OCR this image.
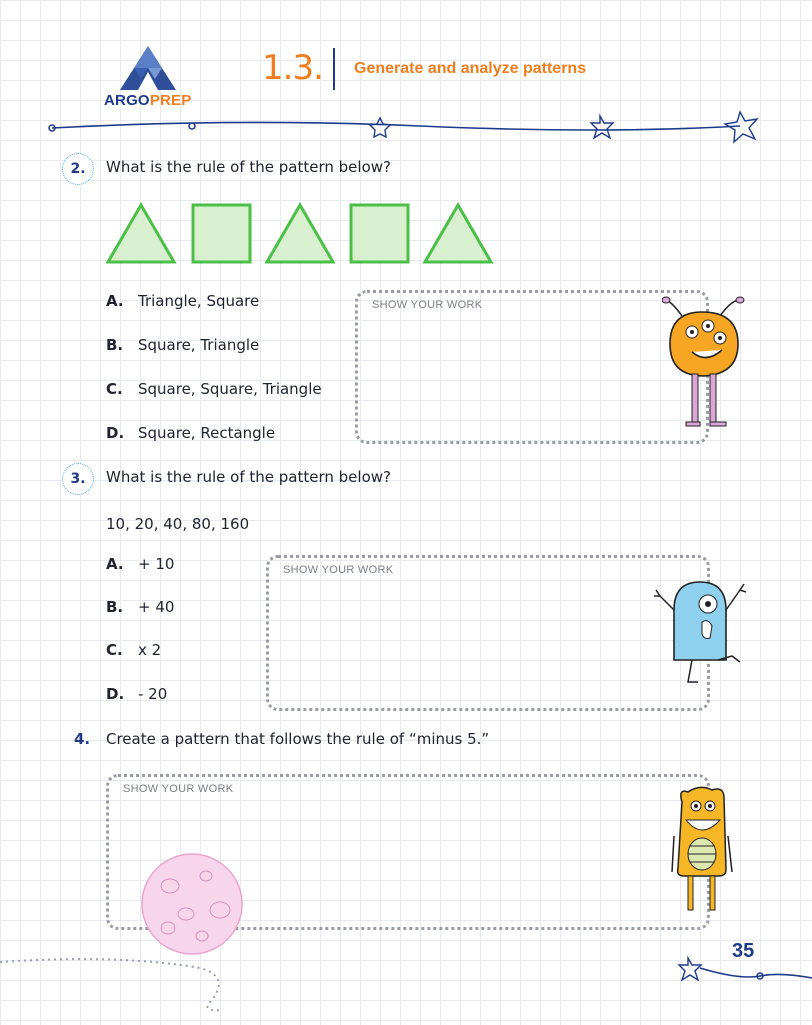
ARGOPREP
1.3. Generate and analyze patterns
2. What is the rule of the pattern below?
A. Triangle, Square
B. Square, Triangle
C. Square, Square, Triangle
D. Square, Rectangle
SHOW YOUR WORK
3. What is the rule of the pattern below?
10, 20, 40, 80, 160
A. + 10
B. + 40
C. x 2
D. - 20
SHOW YOUR WORK
4. Create a pattern that follows the rule of “minus 5.”
SHOW YOUR WORK
35
